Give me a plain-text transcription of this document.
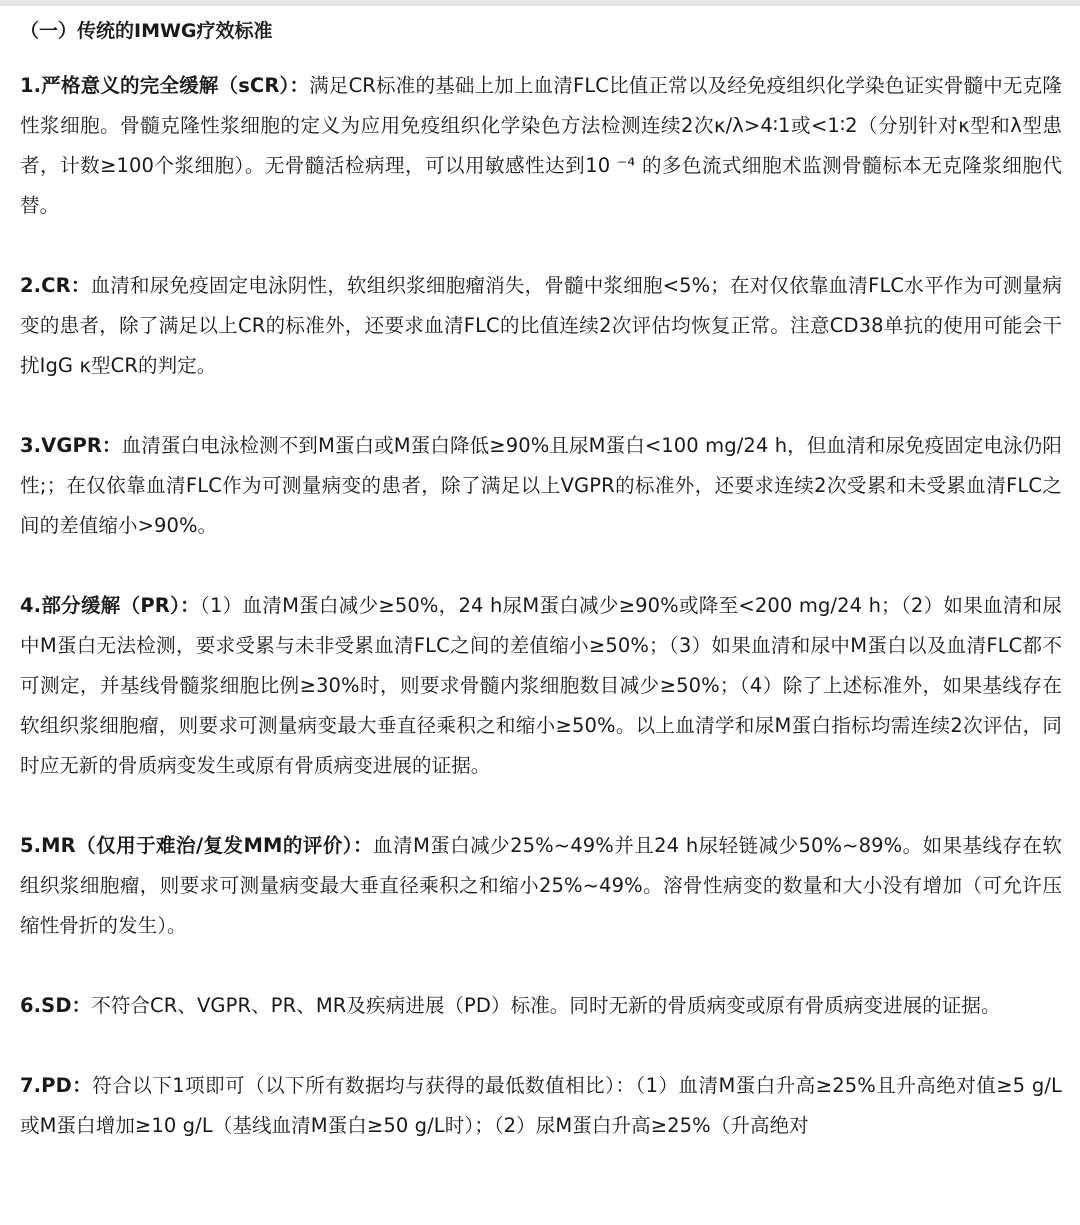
（一）传统的IMWG疗效标准

1.严格意义的完全缓解（sCR）：满足CR标准的基础上加上血清FLC比值正常以及经免疫组织化学染色证实骨髓中无克隆性浆细胞。骨髓克隆性浆细胞的定义为应用免疫组织化学染色方法检测连续2次κ/λ>4∶1或<1∶2（分别针对κ型和λ型患者，计数≥100个浆细胞）。无骨髓活检病理，可以用敏感性达到10 ⁻⁴ 的多色流式细胞术监测骨髓标本无克隆浆细胞代替。

2.CR：血清和尿免疫固定电泳阴性，软组织浆细胞瘤消失，骨髓中浆细胞<5%；在对仅依靠血清FLC水平作为可测量病变的患者，除了满足以上CR的标准外，还要求血清FLC的比值连续2次评估均恢复正常。注意CD38单抗的使用可能会干扰IgG κ型CR的判定。

3.VGPR：血清蛋白电泳检测不到M蛋白或M蛋白降低≥90%且尿M蛋白<100 mg/24 h，但血清和尿免疫固定电泳仍阳性;；在仅依靠血清FLC作为可测量病变的患者，除了满足以上VGPR的标准外，还要求连续2次受累和未受累血清FLC之间的差值缩小>90%。

4.部分缓解（PR）：（1）血清M蛋白减少≥50%，24 h尿M蛋白减少≥90%或降至<200 mg/24 h；（2）如果血清和尿中M蛋白无法检测，要求受累与未非受累血清FLC之间的差值缩小≥50%；（3）如果血清和尿中M蛋白以及血清FLC都不可测定，并基线骨髓浆细胞比例≥30%时，则要求骨髓内浆细胞数目减少≥50%；（4）除了上述标准外，如果基线存在软组织浆细胞瘤，则要求可测量病变最大垂直径乘积之和缩小≥50%。以上血清学和尿M蛋白指标均需连续2次评估，同时应无新的骨质病变发生或原有骨质病变进展的证据。

5.MR（仅用于难治/复发MM的评价）：血清M蛋白减少25%~49%并且24 h尿轻链减少50%~89%。如果基线存在软组织浆细胞瘤，则要求可测量病变最大垂直径乘积之和缩小25%~49%。溶骨性病变的数量和大小没有增加（可允许压缩性骨折的发生）。

6.SD：不符合CR、VGPR、PR、MR及疾病进展（PD）标准。同时无新的骨质病变或原有骨质病变进展的证据。

7.PD：符合以下1项即可（以下所有数据均与获得的最低数值相比）：（1）血清M蛋白升高≥25%且升高绝对值≥5 g/L或M蛋白增加≥10 g/L（基线血清M蛋白≥50 g/L时）；（2）尿M蛋白升高≥25%（升高绝对
